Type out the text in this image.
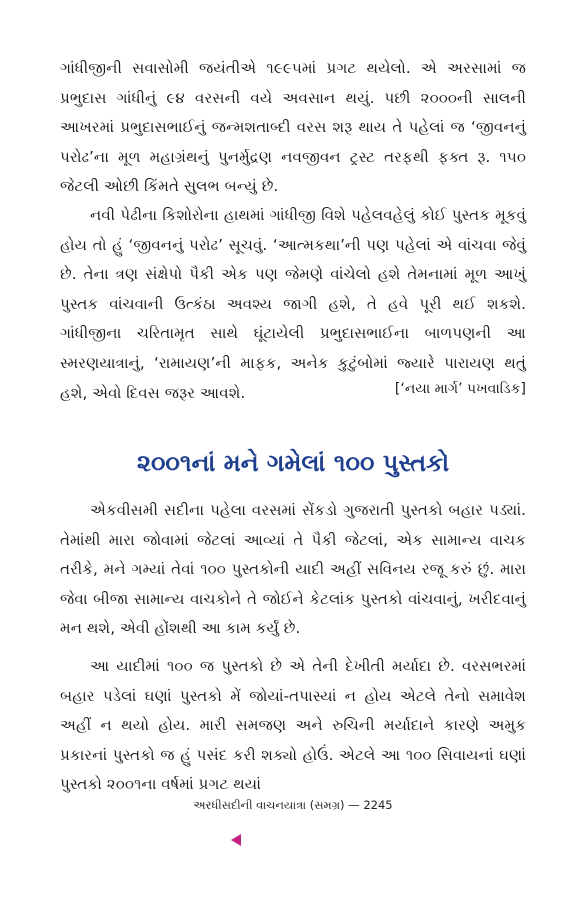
ગાંધીજીની સવાસોમી જયંતીએ ૧૯૯૫માં પ્રગટ થયેલો. એ અરસામાં જ પ્રભુદાસ ગાંધીનું ૯૪ વરસની વયે અવસાન થયું. પછી ૨૦૦૦ની સાલની આખરમાં પ્રભુદાસભાઈનું જન્મશતાબ્દી વરસ શરૂ થાય તે પહેલાં જ ‘જીવનનું પરોઢ’ના મૂળ મહાગ્રંથનું પુનર્મુદ્રણ નવજીવન ટ્રસ્ટ તરફથી ફક્ત રૂ. ૧૫૦ જેટલી ઓછી કિંમતે સુલભ બન્યું છે.

નવી પેઢીના કિશોરોના હાથમાં ગાંધીજી વિશે પહેલવહેલું કોઈ પુસ્તક મૂકવું હોય તો હું ‘જીવનનું પરોઢ’ સૂચવું. ‘આત્મકથા’ની પણ પહેલાં એ વાંચવા જેવું છે. તેના ત્રણ સંક્ષેપો પૈકી એક પણ જેમણે વાંચેલો હશે તેમનામાં મૂળ આખું પુસ્તક વાંચવાની ઉત્કંઠા અવશ્ય જાગી હશે, તે હવે પૂરી થઈ શકશે. ગાંધીજીના ચરિતામૃત સાથે ઘૂંટાયેલી પ્રભુદાસભાઈના બાળપણની આ સ્મરણયાત્રાનું, ‘રામાયણ’ની માફક, અનેક કુટુંબોમાં જ્યારે પારાયણ થતું હશે, એવો દિવસ જરૂર આવશે.	[‘નયા માર્ગ’ પખવાડિક]
૨૦૦૧નાં મને ગમેલાં ૧૦૦ પુસ્તકો

એકવીસમી સદીના પહેલા વરસમાં સેંકડો ગુજરાતી પુસ્તકો બહાર પડ્યાં. તેમાંથી મારા જોવામાં જેટલાં આવ્યાં તે પૈકી જેટલાં, એક સામાન્ય વાચક તરીકે, મને ગમ્યાં તેવાં ૧૦૦ પુસ્તકોની યાદી અહીં સવિનય રજૂ કરું છું. મારા જેવા બીજા સામાન્ય વાચકોને તે જોઈને કેટલાંક પુસ્તકો વાંચવાનું, ખરીદવાનું મન થશે, એવી હોંશથી આ કામ કર્યું છે.

આ યાદીમાં ૧૦૦ જ પુસ્તકો છે એ તેની દેખીતી મર્યાદા છે. વરસભરમાં બહાર પડેલાં ઘણાં પુસ્તકો મેં જોયાં-તપાસ્યાં ન હોય એટલે તેનો સમાવેશ અહીં ન થયો હોય. મારી સમજણ અને રુચિની મર્યાદાને કારણે અમુક પ્રકારનાં પુસ્તકો જ હું પસંદ કરી શક્યો હોઉં. એટલે આ ૧૦૦ સિવાયનાં ઘણાં પુસ્તકો ૨૦૦૧ના વર્ષમાં પ્રગટ થયાં

અરધીસદીની વાચનયાત્રા (સમગ્ર) — 2245
